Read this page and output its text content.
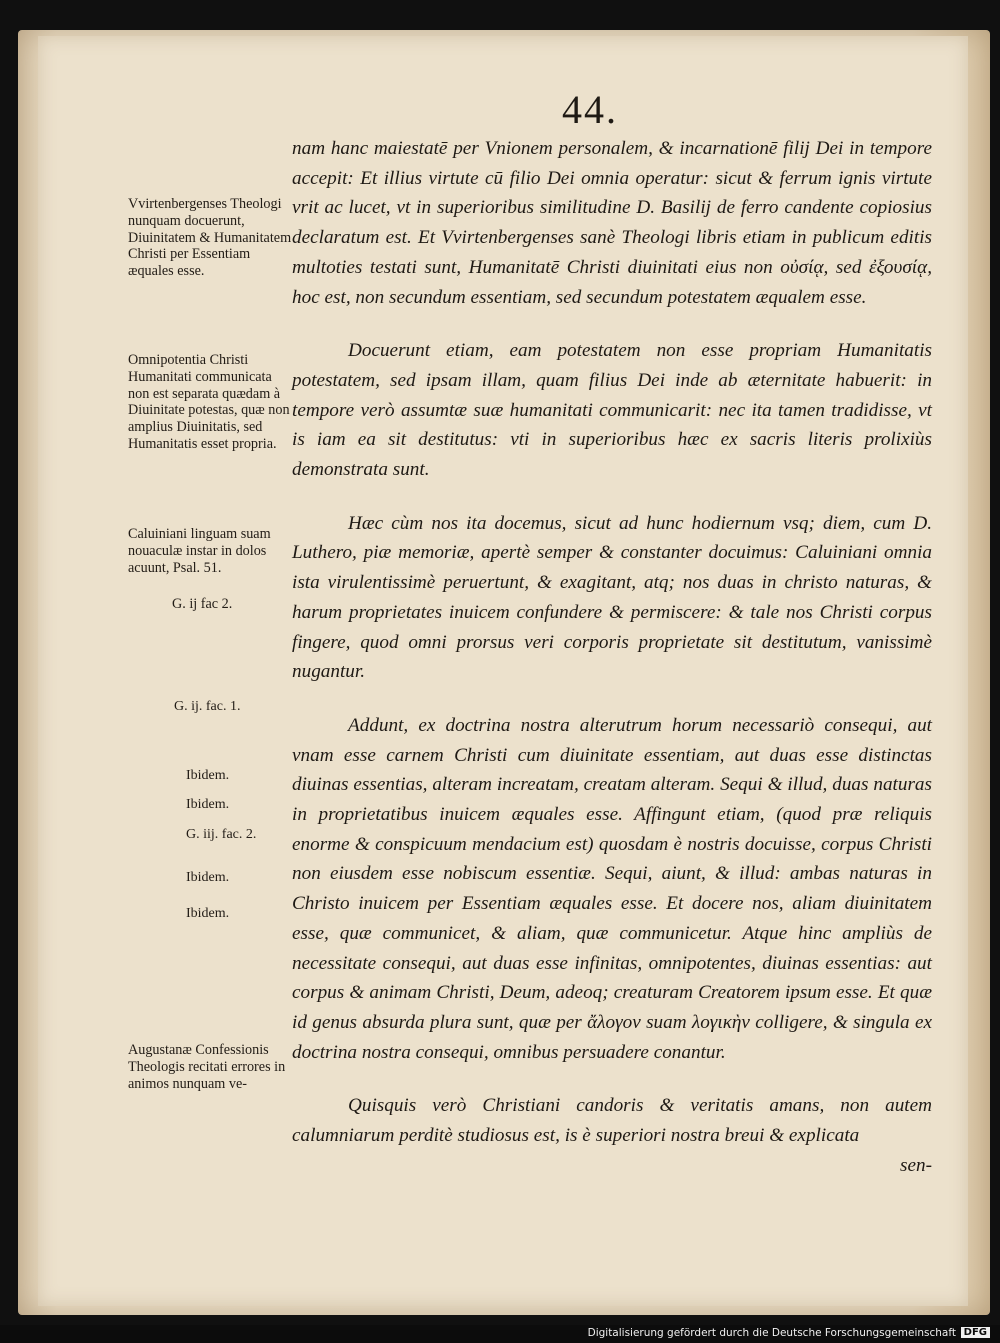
44.
Vvirtenbergenses Theologi nunquam docuerunt, Diuinitatem & Humanitatem Christi per Essentiam æquales esse.
Omnipotentia Christi Humanitati communicata non est separata quædam à Diuinitate potestas, quæ non amplius Diuinitatis, sed Humanitatis esset propria.
Caluiniani linguam suam nouaculæ instar in dolos acuunt, Psal. 51.
G. ij fac 2.
G. ij. fac. 1.
Ibidem.
Ibidem.
G. iij. fac. 2.
Ibidem.
Ibidem.
Augustanæ Confessionis Theologis recitati errores in animos nunquam ve-

nam hanc maiestatē per Vnionem personalem, & incarnationē filij Dei in tempore accepit: Et illius virtute cū filio Dei omnia operatur: sicut & ferrum ignis virtute vrit ac lucet, vt in superioribus similitudine D. Basilij de ferro candente copiosius declaratum est. Et Vvirtenbergenses sanè Theologi libris etiam in publicum editis multoties testati sunt, Humanitatē Christi diuinitati eius non οὐσίᾳ, sed ἐξουσίᾳ, hoc est, non secundum essentiam, sed secundum potestatem æqualem esse.

Docuerunt etiam, eam potestatem non esse propriam Humanitatis potestatem, sed ipsam illam, quam filius Dei inde ab æternitate habuerit: in tempore verò assumtæ suæ humanitati communicarit: nec ita tamen tradidisse, vt is iam ea sit destitutus: vti in superioribus hæc ex sacris literis prolixiùs demonstrata sunt.

Hæc cùm nos ita docemus, sicut ad hunc hodiernum vsq; diem, cum D. Luthero, piæ memoriæ, apertè semper & constanter docuimus: Caluiniani omnia ista virulentissimè peruertunt, & exagitant, atq; nos duas in christo naturas, & harum proprietates inuicem confundere & permiscere: & tale nos Christi corpus fingere, quod omni prorsus veri corporis proprietate sit destitutum, vanissimè nugantur.

Addunt, ex doctrina nostra alterutrum horum necessariò consequi, aut vnam esse carnem Christi cum diuinitate essentiam, aut duas esse distinctas diuinas essentias, alteram increatam, creatam alteram. Sequi & illud, duas naturas in proprietatibus inuicem æquales esse. Affingunt etiam, (quod præ reliquis enorme & conspicuum mendacium est) quosdam è nostris docuisse, corpus Christi non eiusdem esse nobiscum essentiæ. Sequi, aiunt, & illud: ambas naturas in Christo inuicem per Essentiam æquales esse. Et docere nos, aliam diuinitatem esse, quæ communicet, & aliam, quæ communicetur. Atque hinc ampliùs de necessitate consequi, aut duas esse infinitas, omnipotentes, diuinas essentias: aut corpus & animam Christi, Deum, adeoq; creaturam Creatorem ipsum esse. Et quæ id genus absurda plura sunt, quæ per ἄλογον suam λογικὴν colligere, & singula ex doctrina nostra consequi, omnibus persuadere conantur.

Quisquis verò Christiani candoris & veritatis amans, non autem calumniarum perditè studiosus est, is è superiori nostra breui & explicata

sen-

Digitalisierung gefördert durch die Deutsche Forschungsgemeinschaft DFG
